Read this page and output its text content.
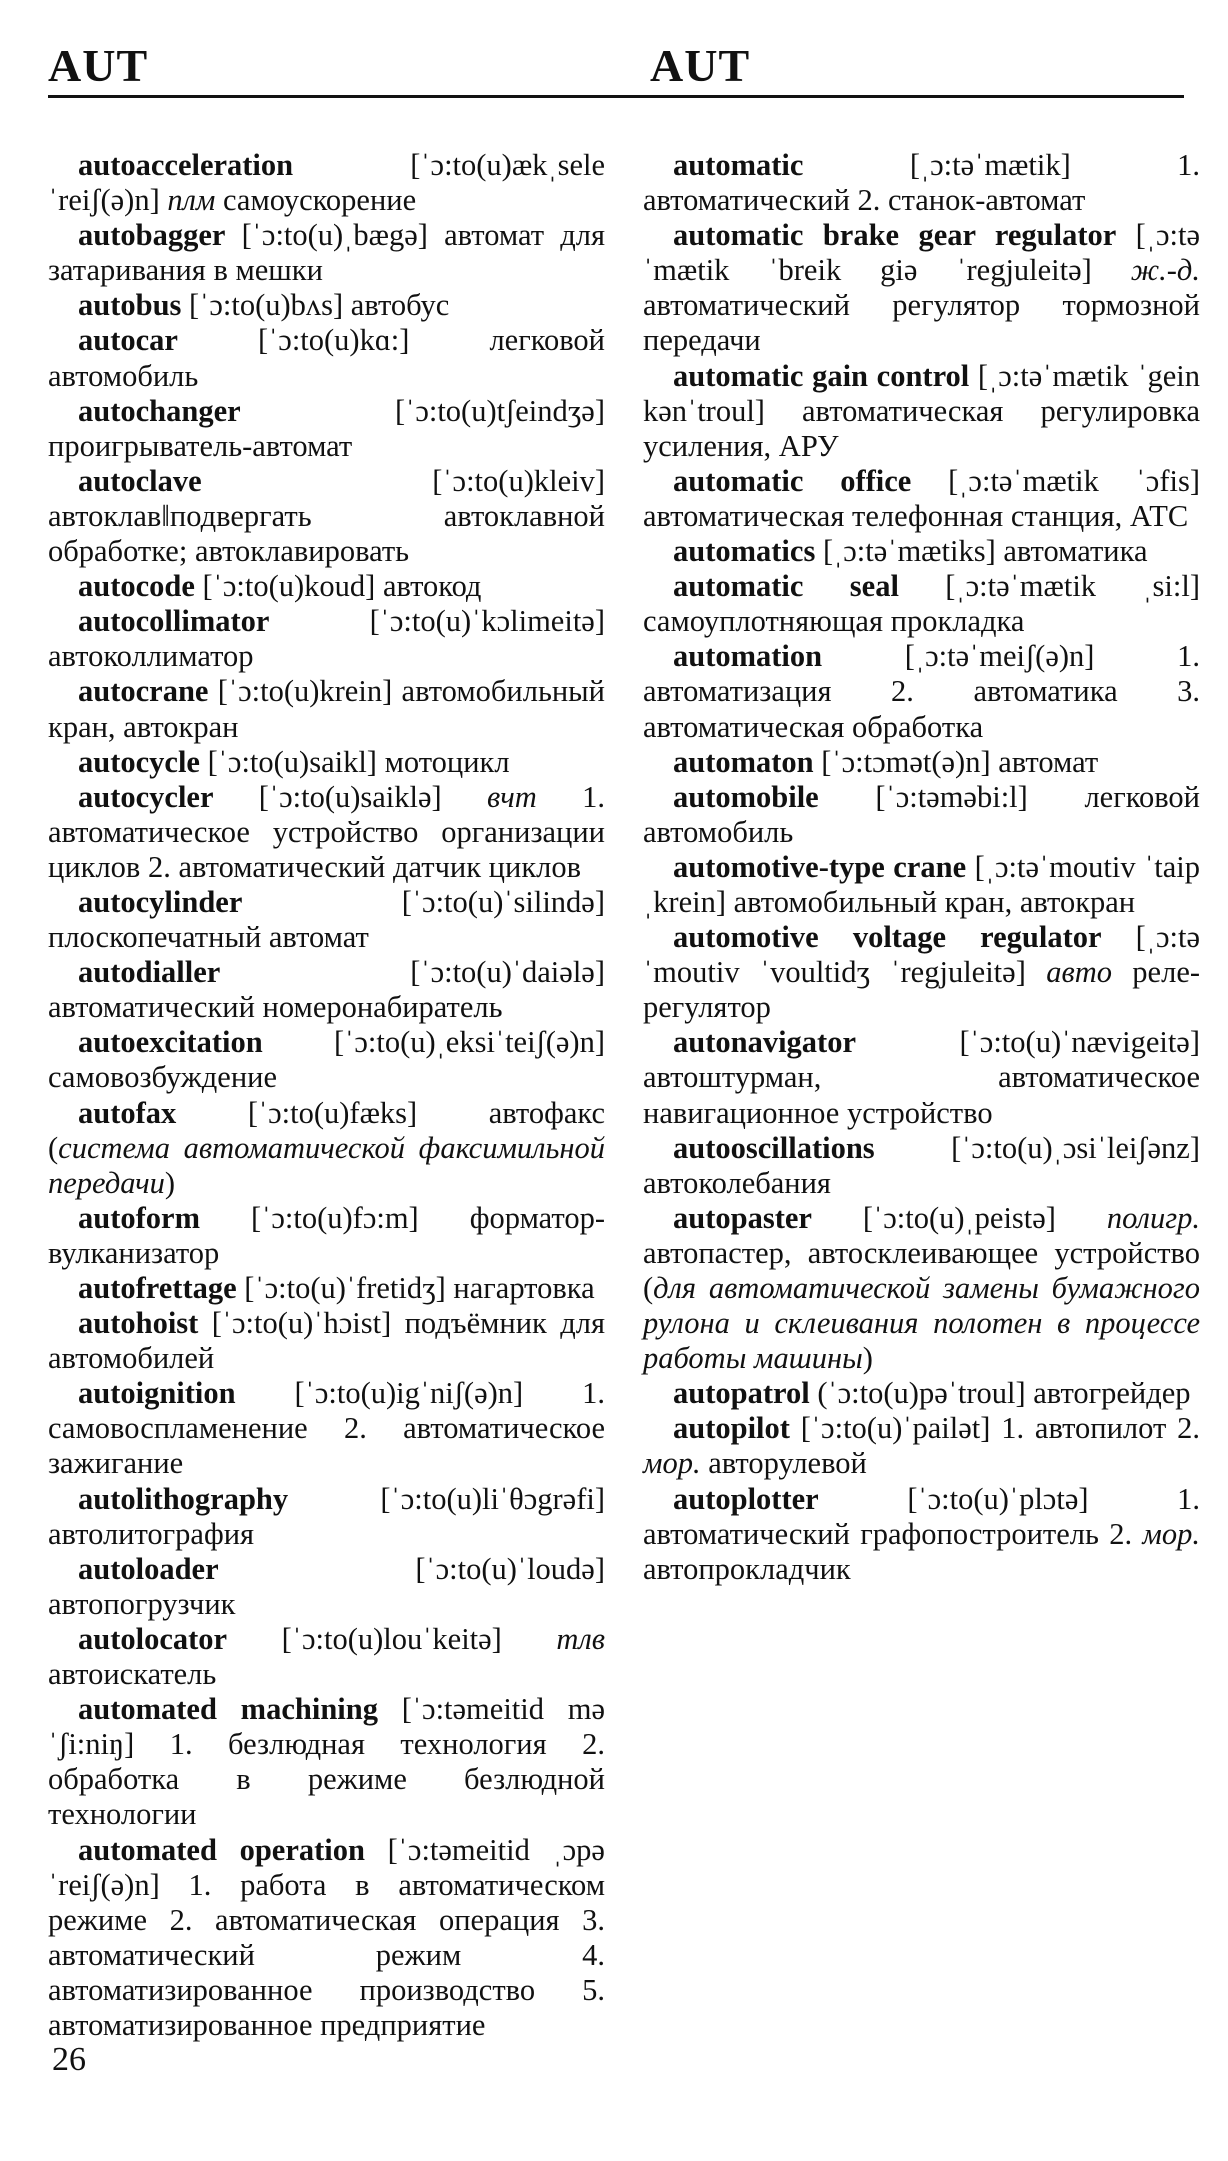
AUT	AUT

autoacceleration [ˈɔ:to(u)ækˌseleˈreiʃ(ə)n] плм самоускорение

autobagger [ˈɔ:to(u)ˌbægə] автомат для затаривания в мешки

autobus [ˈɔ:to(u)bʌs] автобус

autocar [ˈɔ:to(u)kɑ:] легковой автомобиль

autochanger [ˈɔ:to(u)tʃeindʒə] проигрыватель-автомат

autoclave [ˈɔ:to(u)kleiv] автоклав‖подвергать автоклавной обработке; автоклавировать

autocode [ˈɔ:to(u)koud] автокод

autocollimator [ˈɔ:to(u)ˈkɔlimeitə] автоколлиматор

autocrane [ˈɔ:to(u)krein] автомобильный кран, автокран

autocycle [ˈɔ:to(u)saikl] мотоцикл

autocycler [ˈɔ:to(u)saiklə] вчт 1. автоматическое устройство организации циклов 2. автоматический датчик циклов

autocylinder [ˈɔ:to(u)ˈsilində] плоскопечатный автомат

autodialler [ˈɔ:to(u)ˈdaiələ] автоматический номеронабиратель

autoexcitation [ˈɔ:to(u)ˌeksiˈteiʃ(ə)n] самовозбуждение

autofax [ˈɔ:to(u)fæks] автофакс (система автоматической факсимильной передачи)

autoform [ˈɔ:to(u)fɔ:m] форматор-вулканизатор

autofrettage [ˈɔ:to(u)ˈfretidʒ] нагартовка

autohoist [ˈɔ:to(u)ˈhɔist] подъёмник для автомобилей

autoignition [ˈɔ:to(u)igˈniʃ(ə)n] 1. самовоспламенение 2. автоматическое зажигание

autolithography [ˈɔ:to(u)liˈθɔgrəfi] автолитография

autoloader [ˈɔ:to(u)ˈloudə] автопогрузчик

autolocator [ˈɔ:to(u)louˈkeitə] тлв автоискатель

automated machining [ˈɔ:təmeitid məˈʃi:niŋ] 1. безлюдная технология 2. обработка в режиме безлюдной технологии

automated operation [ˈɔ:təmeitid ˌɔpəˈreiʃ(ə)n] 1. работа в автоматическом режиме 2. автоматическая операция 3. автоматический режим 4. автоматизированное производство 5. автоматизированное предприятие

automatic [ˌɔ:təˈmætik] 1. автоматический 2. станок-автомат

automatic brake gear regulator [ˌɔ:təˈmætik ˈbreik giə ˈregjuleitə] ж.-д. автоматический регулятор тормозной передачи

automatic gain control [ˌɔ:təˈmætik ˈgein kənˈtroul] автоматическая регулировка усиления, АРУ

automatic office [ˌɔ:təˈmætik ˈɔfis] автоматическая телефонная станция, АТС

automatics [ˌɔ:təˈmætiks] автоматика

automatic seal [ˌɔ:təˈmætik ˌsi:l] самоуплотняющая прокладка

automation [ˌɔ:təˈmeiʃ(ə)n] 1. автоматизация 2. автоматика 3. автоматическая обработка

automaton [ˈɔ:tɔmət(ə)n] автомат

automobile [ˈɔ:təməbi:l] легковой автомобиль

automotive-type crane [ˌɔ:təˈmoutiv ˈtaip ˌkrein] автомобильный кран, автокран

automotive voltage regulator [ˌɔ:təˈmoutiv ˈvoultidʒ ˈregjuleitə] авто реле-регулятор

autonavigator [ˈɔ:to(u)ˈnævigeitə] автоштурман, автоматическое навигационное устройство

autooscillations [ˈɔ:to(u)ˌɔsiˈleiʃənz] автоколебания

autopaster [ˈɔ:to(u)ˌpeistə] полигр. автопастер, автосклеивающее устройство (для автоматической замены бумажного рулона и склеивания полотен в процессе работы машины)

autopatrol (ˈɔ:to(u)pəˈtroul] автогрейдер

autopilot [ˈɔ:to(u)ˈpailət] 1. автопилот 2. мор. авторулевой

autoplotter [ˈɔ:to(u)ˈplɔtə] 1. автоматический графопостроитель 2. мор. автопрокладчик

26
